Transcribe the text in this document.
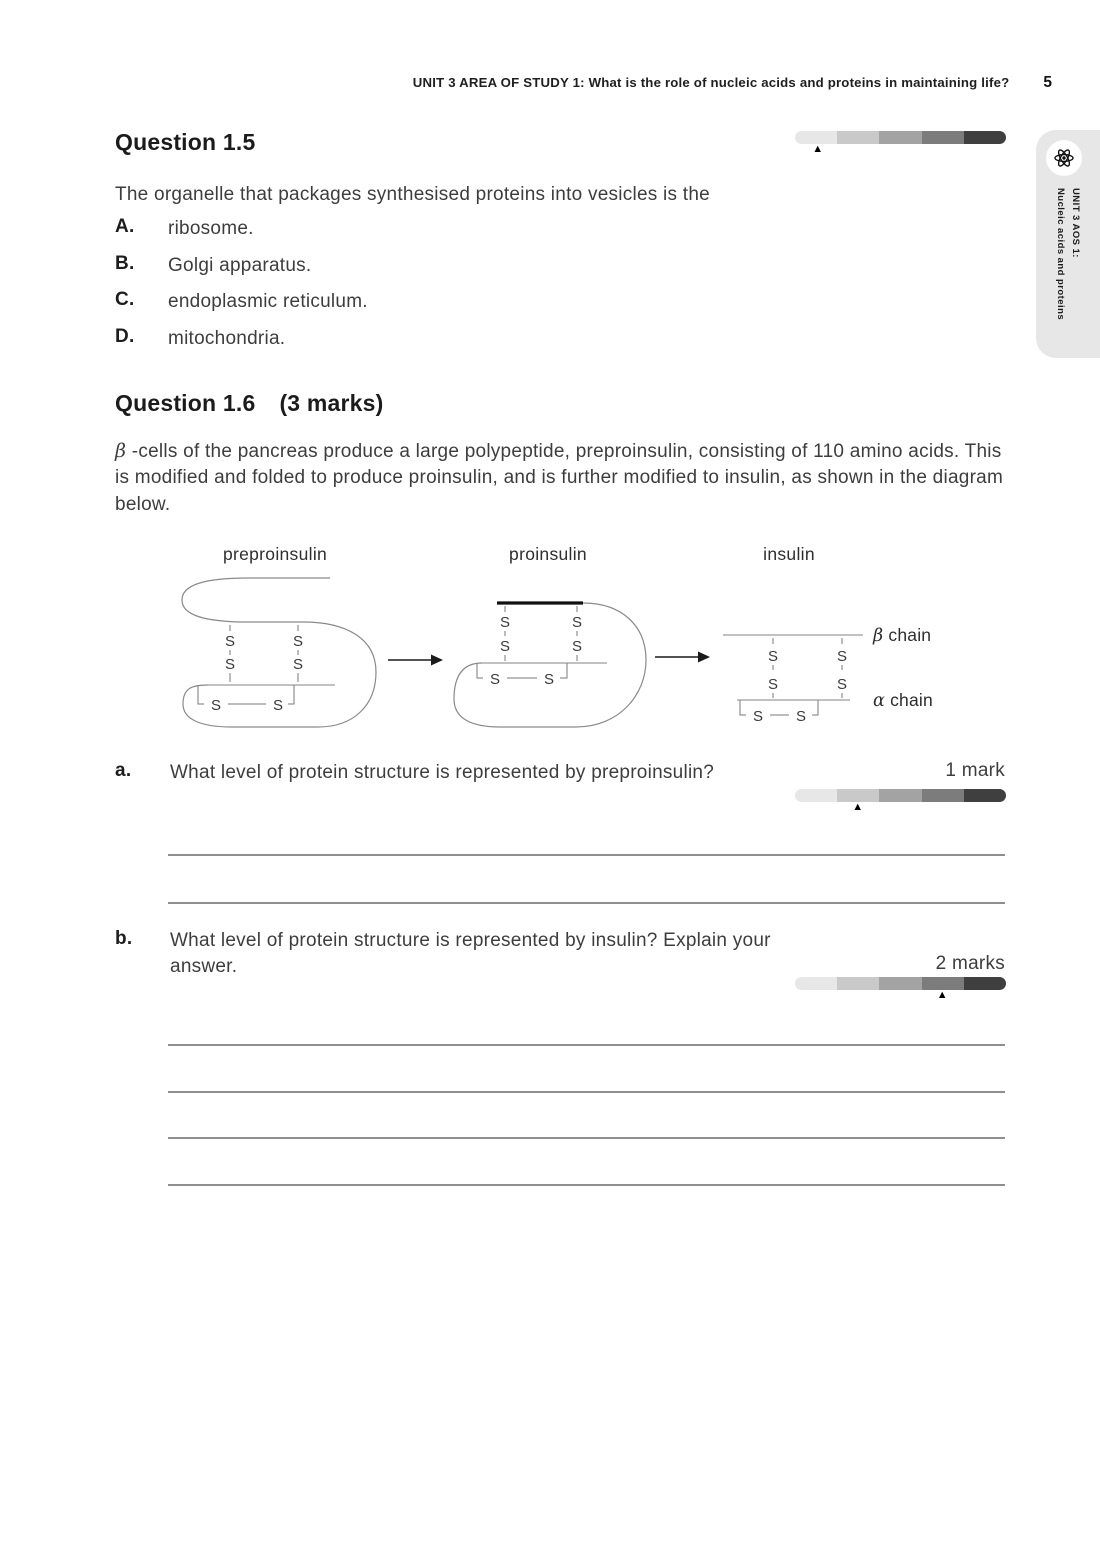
UNIT 3 AREA OF STUDY 1: What is the role of nucleic acids and proteins in maintaining life? 5
UNIT 3 AOS 1:
Nucleic acids and proteins
Question 1.5	▲
The organelle that packages synthesised proteins into vesicles is the
A. ribosome.
B. Golgi apparatus.
C. endoplasmic reticulum.
D. mitochondria.
Question 1.6 (3 marks)
β -cells of the pancreas produce a large polypeptide, preproinsulin, consisting of 110 amino acids. This is modified and folded to produce proinsulin, and is further modified to insulin, as shown in the diagram below.
preproinsulin	proinsulin	insulin
S
S
S
S
S	S
S
S
S
S
S	S
β chain
α chain
S
S
S
S
S S
a. What level of protein structure is represented by preproinsulin?	1 mark
▲
b. What level of protein structure is represented by insulin? Explain your answer.	2 marks
▲
